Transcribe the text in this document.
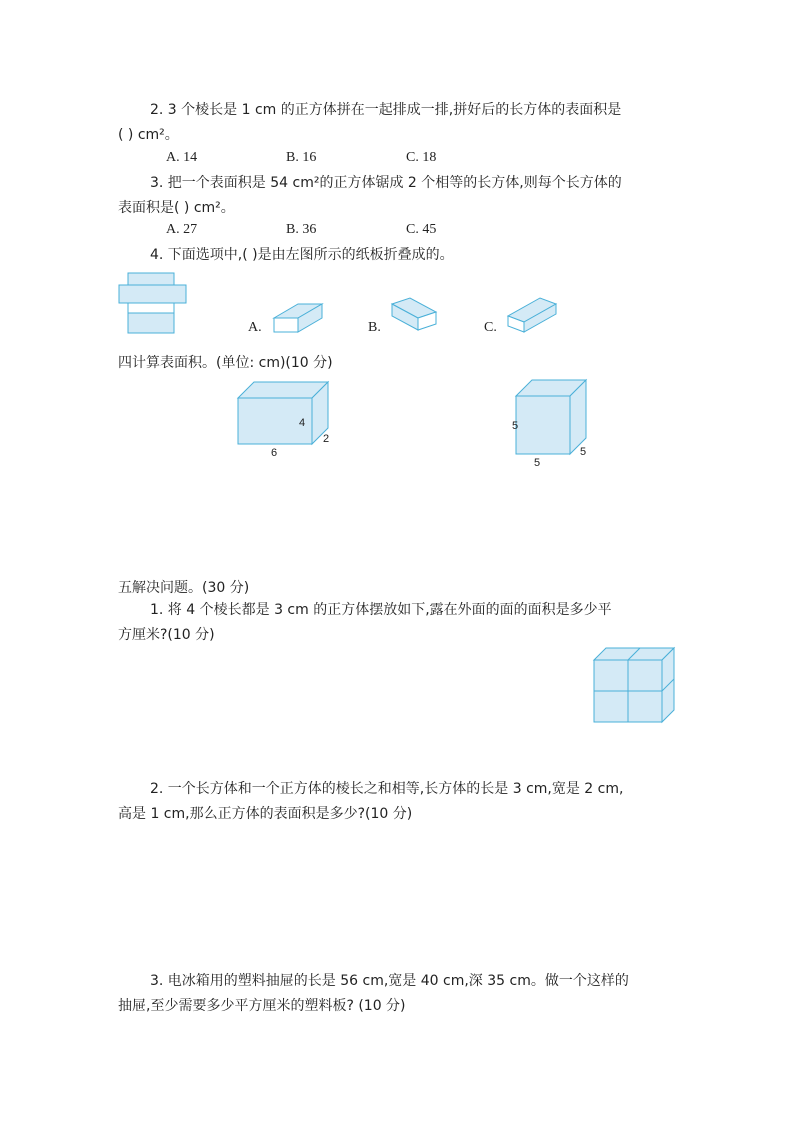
2. 3 个棱长是 1 cm 的正方体拼在一起排成一排,拼好后的长方体的表面积是
( ) cm²。
A. 14	B. 16	C. 18
3. 把一个表面积是 54 cm²的正方体锯成 2 个相等的长方体,则每个长方体的
表面积是( ) cm²。
A. 27	B. 36	C. 45
4. 下面选项中,( )是由左图所示的纸板折叠成的。
A.	B.	C.
四计算表面积。(单位: cm)(10 分)
4
2
6
5
5
5
五解决问题。(30 分)
1. 将 4 个棱长都是 3 cm 的正方体摆放如下,露在外面的面的面积是多少平
方厘米?(10 分)
2. 一个长方体和一个正方体的棱长之和相等,长方体的长是 3 cm,宽是 2 cm,
高是 1 cm,那么正方体的表面积是多少?(10 分)
3. 电冰箱用的塑料抽屉的长是 56 cm,宽是 40 cm,深 35 cm。做一个这样的
抽屉,至少需要多少平方厘米的塑料板? (10 分)
